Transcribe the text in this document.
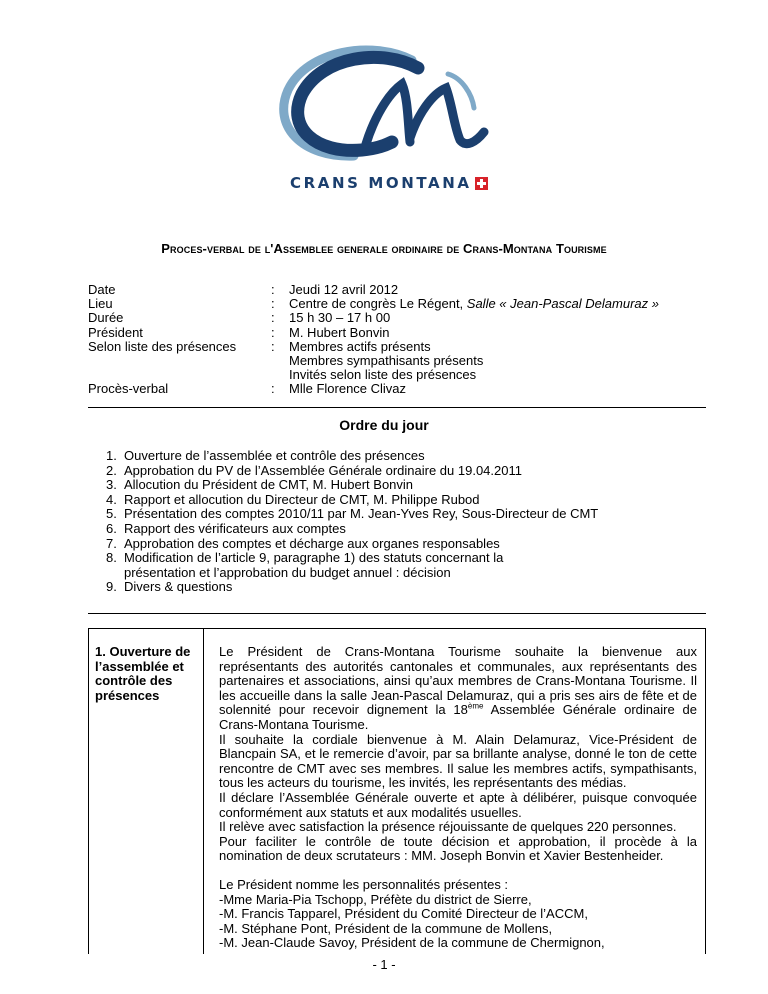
CRANS MONTANA
Proces-verbal de l'Assemblee generale ordinaire de Crans-Montana Tourisme
Date	: Jeudi 12 avril 2012
Lieu	: Centre de congrès Le Régent, Salle « Jean-Pascal Delamuraz »
Durée	: 15 h 30 – 17 h 00
Président	: M. Hubert Bonvin
Selon liste des présences	: Membres actifs présents
Membres sympathisants présents
Invités selon liste des présences
Procès-verbal	: Mlle Florence Clivaz
Ordre du jour
1. Ouverture de l’assemblée et contrôle des présences
2. Approbation du PV de l’Assemblée Générale ordinaire du 19.04.2011
3. Allocution du Président de CMT, M. Hubert Bonvin
4. Rapport et allocution du Directeur de CMT, M. Philippe Rubod
5. Présentation des comptes 2010/11 par M. Jean-Yves Rey, Sous-Directeur de CMT
6. Rapport des vérificateurs aux comptes
7. Approbation des comptes et décharge aux organes responsables
8. Modification de l’article 9, paragraphe 1) des statuts concernant la présentation et l’approbation du budget annuel : décision
9. Divers & questions
1. Ouverture de l’assemblée et contrôle des présences

Le Président de Crans-Montana Tourisme souhaite la bienvenue aux représentants des autorités cantonales et communales, aux représentants des partenaires et associations, ainsi qu’aux membres de Crans-Montana Tourisme. Il les accueille dans la salle Jean-Pascal Delamuraz, qui a pris ses airs de fête et de solennité pour recevoir dignement la 18ème Assemblée Générale ordinaire de Crans-Montana Tourisme.

Il souhaite la cordiale bienvenue à M. Alain Delamuraz, Vice-Président de Blancpain SA, et le remercie d’avoir, par sa brillante analyse, donné le ton de cette rencontre de CMT avec ses membres. Il salue les membres actifs, sympathisants, tous les acteurs du tourisme, les invités, les représentants des médias.

Il déclare l’Assemblée Générale ouverte et apte à délibérer, puisque convoquée conformément aux statuts et aux modalités usuelles.

Il relève avec satisfaction la présence réjouissante de quelques 220 personnes.

Pour faciliter le contrôle de toute décision et approbation, il procède à la nomination de deux scrutateurs : MM. Joseph Bonvin et Xavier Bestenheider.

Le Président nomme les personnalités présentes :
-Mme Maria-Pia Tschopp, Préfète du district de Sierre,
-M. Francis Tapparel, Président du Comité Directeur de l’ACCM,
-M. Stéphane Pont, Président de la commune de Mollens,
-M. Jean-Claude Savoy, Président de la commune de Chermignon,
- 1 -
